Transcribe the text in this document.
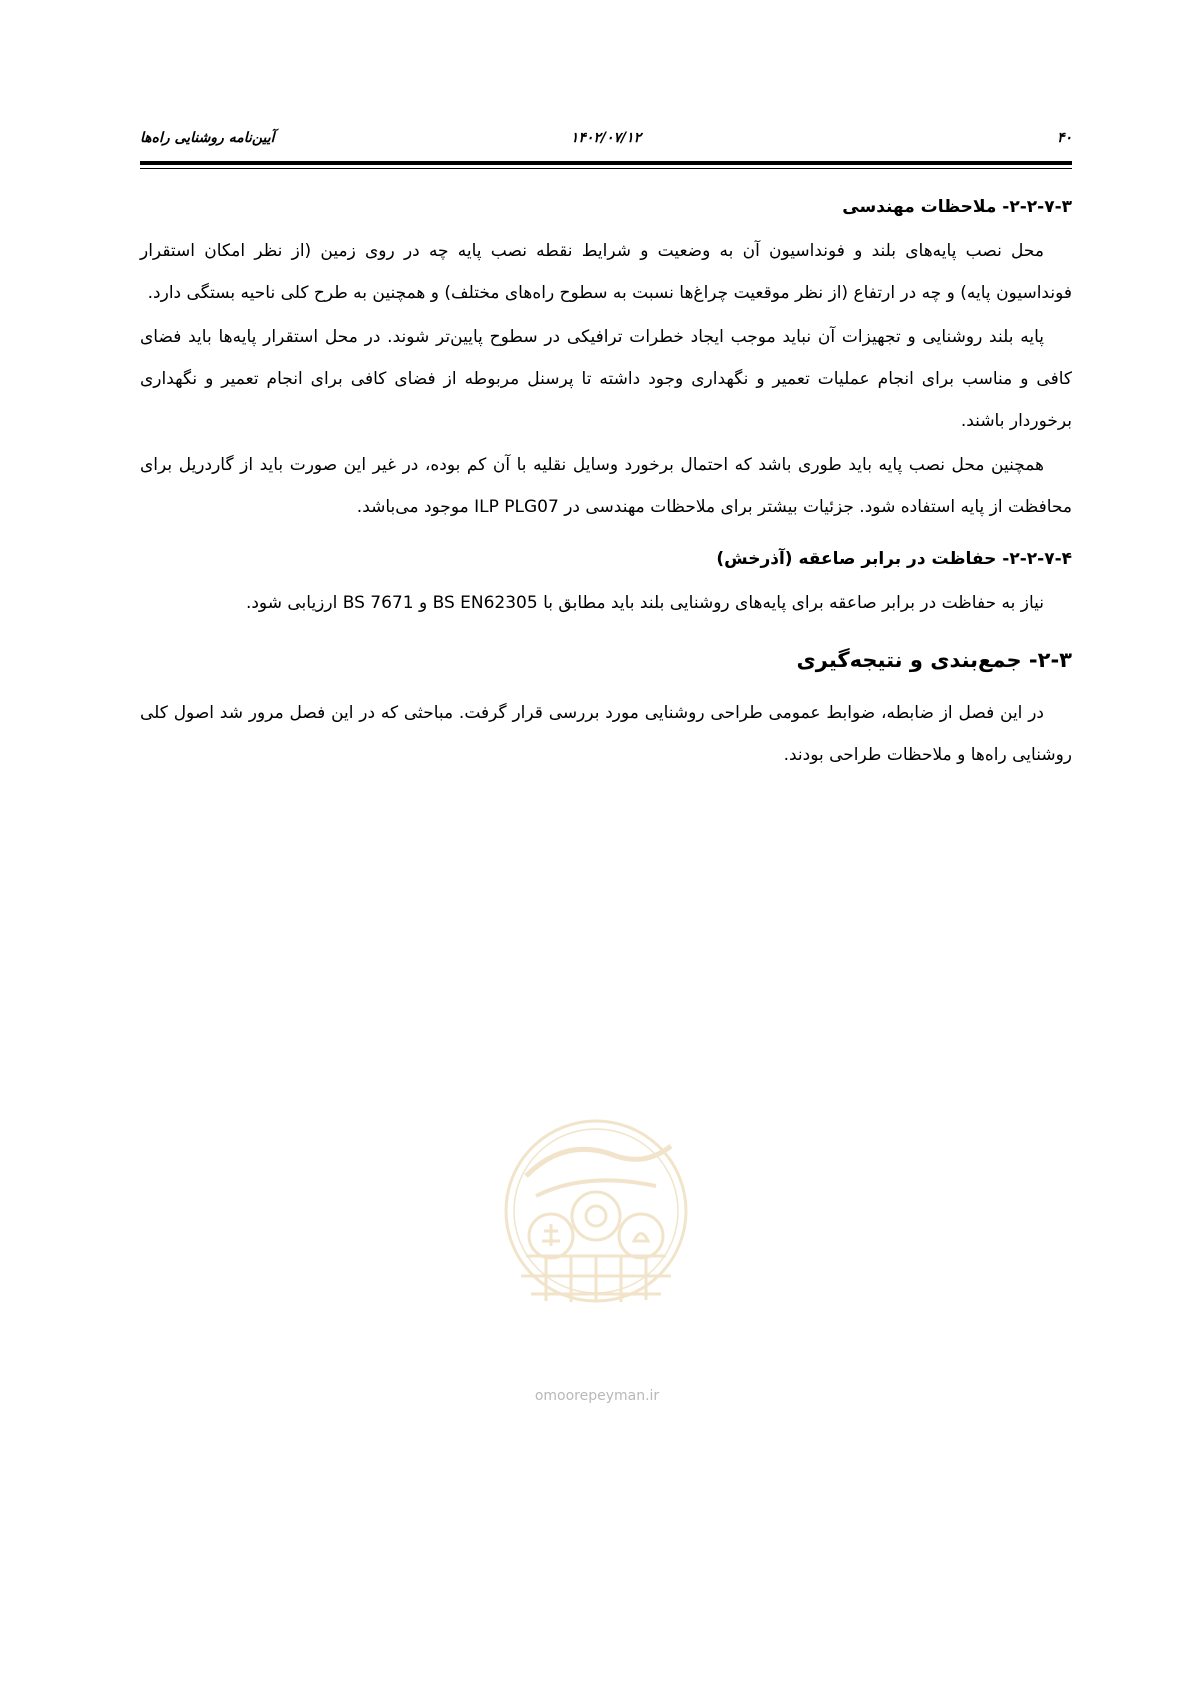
۴۰
۱۴۰۲/۰۷/۱۲
آیین‌نامه روشنایی راه‌ها
۲-۲-۷-۳- ملاحظات مهندسی

محل نصب پایه‌های بلند و فونداسیون آن به وضعیت و شرایط نقطه نصب پایه چه در روی زمین (از نظر امکان استقرار فونداسیون پایه) و چه در ارتفاع (از نظر موقعیت چراغ‌ها نسبت به سطوح راه‌های مختلف) و همچنین به طرح کلی ناحیه بستگی دارد.

پایه بلند روشنایی و تجهیزات آن نباید موجب ایجاد خطرات ترافیکی در سطوح پایین‌تر شوند. در محل استقرار پایه‌ها باید فضای کافی و مناسب برای انجام عملیات تعمیر و نگهداری وجود داشته تا پرسنل مربوطه از فضای کافی برای انجام تعمیر و نگهداری برخوردار باشند.

همچنین محل نصب پایه باید طوری باشد که احتمال برخورد وسایل نقلیه با آن کم بوده، در غیر این صورت باید از گاردریل برای محافظت از پایه استفاده شود. جزئیات بیشتر برای ملاحظات مهندسی در ILP PLG07 موجود می‌باشد.

۲-۲-۷-۴- حفاظت در برابر صاعقه (آذرخش)

نیاز به حفاظت در برابر صاعقه برای پایه‌های روشنایی بلند باید مطابق با BS EN62305 و BS 7671 ارزیابی شود.

۲-۳- جمع‌بندی و نتیجه‌گیری

در این فصل از ضابطه، ضوابط عمومی طراحی روشنایی مورد بررسی قرار گرفت. مباحثی که در این فصل مرور شد اصول کلی روشنایی راه‌ها و ملاحظات طراحی بودند.

omoorepeyman.ir
